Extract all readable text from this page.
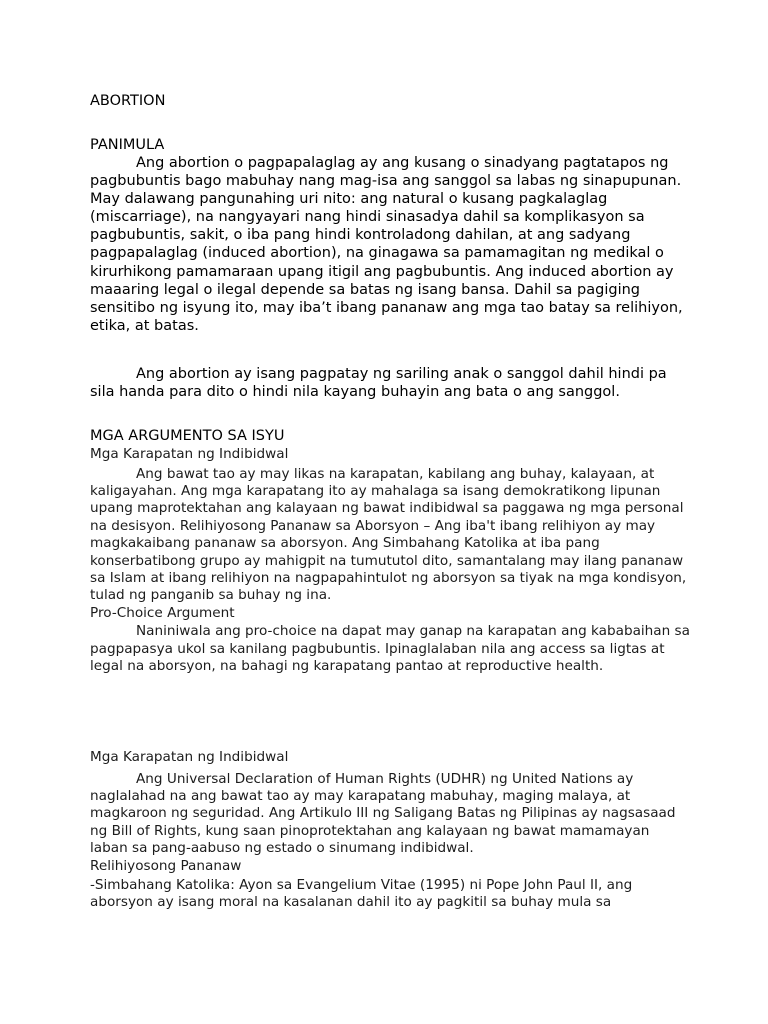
ABORTION

PANIMULA

Ang abortion o pagpapalaglag ay ang kusang o sinadyang pagtatapos ng pagbubuntis bago mabuhay nang mag-isa ang sanggol sa labas ng sinapupunan. May dalawang pangunahing uri nito: ang natural o kusang pagkalaglag (miscarriage), na nangyayari nang hindi sinasadya dahil sa komplikasyon sa pagbubuntis, sakit, o iba pang hindi kontroladong dahilan, at ang sadyang pagpapalaglag (induced abortion), na ginagawa sa pamamagitan ng medikal o kirurhikong pamamaraan upang itigil ang pagbubuntis. Ang induced abortion ay maaaring legal o ilegal depende sa batas ng isang bansa. Dahil sa pagiging sensitibo ng isyung ito, may iba’t ibang pananaw ang mga tao batay sa relihiyon, etika, at batas.

Ang abortion ay isang pagpatay ng sariling anak o sanggol dahil hindi pa sila handa para dito o hindi nila kayang buhayin ang bata o ang sanggol.

MGA ARGUMENTO SA ISYU

Mga Karapatan ng Indibidwal

Ang bawat tao ay may likas na karapatan, kabilang ang buhay, kalayaan, at kaligayahan. Ang mga karapatang ito ay mahalaga sa isang demokratikong lipunan upang maprotektahan ang kalayaan ng bawat indibidwal sa paggawa ng mga personal na desisyon. Relihiyosong Pananaw sa Aborsyon – Ang iba't ibang relihiyon ay may magkakaibang pananaw sa aborsyon. Ang Simbahang Katolika at iba pang konserbatibong grupo ay mahigpit na tumututol dito, samantalang may ilang pananaw sa Islam at ibang relihiyon na nagpapahintulot ng aborsyon sa tiyak na mga kondisyon, tulad ng panganib sa buhay ng ina.

Pro-Choice Argument

Naniniwala ang pro-choice na dapat may ganap na karapatan ang kababaihan sa pagpapasya ukol sa kanilang pagbubuntis. Ipinaglalaban nila ang access sa ligtas at legal na aborsyon, na bahagi ng karapatang pantao at reproductive health.

Mga Karapatan ng Indibidwal

Ang Universal Declaration of Human Rights (UDHR) ng United Nations ay naglalahad na ang bawat tao ay may karapatang mabuhay, maging malaya, at magkaroon ng seguridad. Ang Artikulo III ng Saligang Batas ng Pilipinas ay nagsasaad ng Bill of Rights, kung saan pinoprotektahan ang kalayaan ng bawat mamamayan laban sa pang-aabuso ng estado o sinumang indibidwal.

Relihiyosong Pananaw

-Simbahang Katolika: Ayon sa Evangelium Vitae (1995) ni Pope John Paul II, ang aborsyon ay isang moral na kasalanan dahil ito ay pagkitil sa buhay mula sa
